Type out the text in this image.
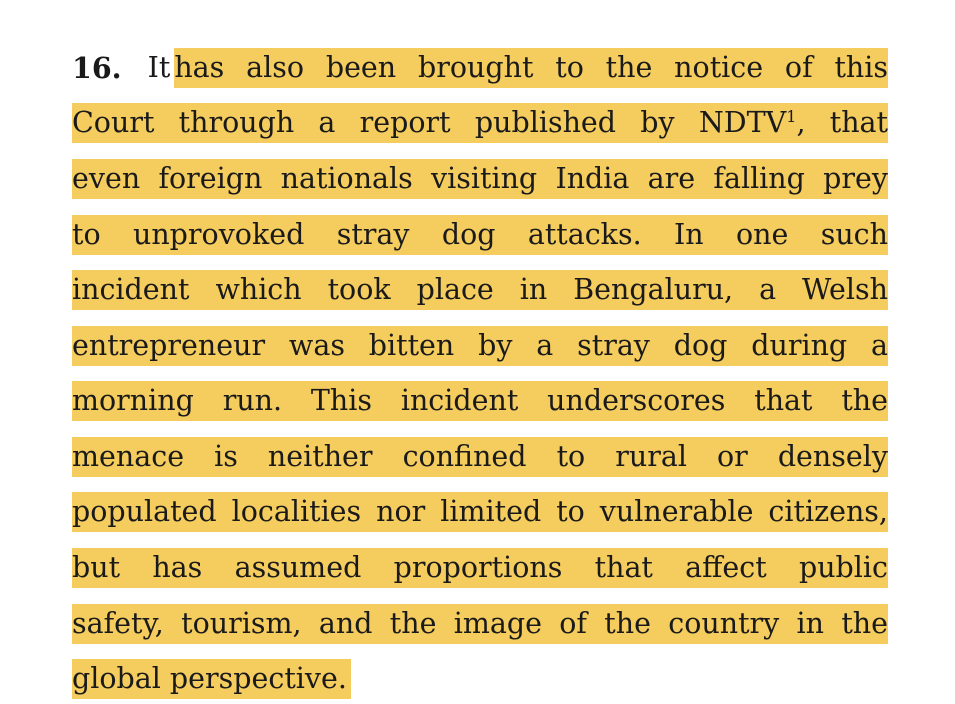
16. It has also been brought to the notice of this
Court through a report published by NDTV$^1$, that
even foreign nationals visiting India are falling prey
to unprovoked stray dog attacks. In one such
incident which took place in Bengaluru, a Welsh
entrepreneur was bitten by a stray dog during a
morning run. This incident underscores that the
menace is neither confined to rural or densely
populated localities nor limited to vulnerable citizens,
but has assumed proportions that affect public
safety, tourism, and the image of the country in the
global perspective.
